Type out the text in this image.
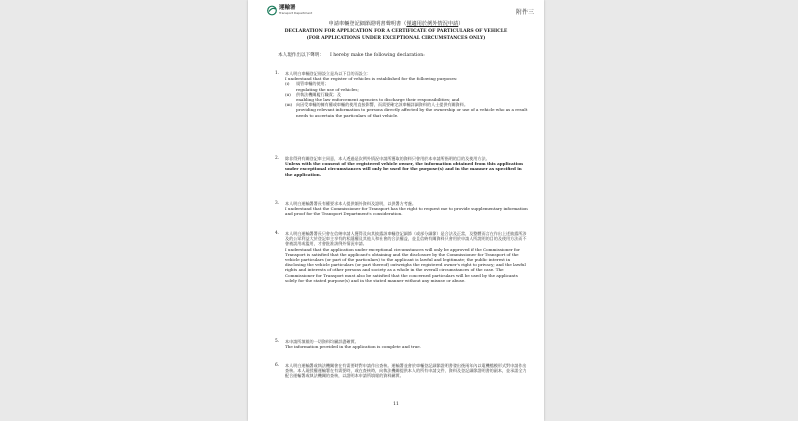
運輸署
Transport Department	附件三
申請車輛登記細節證明書聲明書（僅適用於例外情況申請）
DECLARATION FOR APPLICATION FOR A CERTIFICATE OF PARTICULARS OF VEHICLE
(FOR APPLICATIONS UNDER EXCEPTIONAL CIRCUMSTANCES ONLY)
本人現作出以下聲明： I hereby make the following declaration:
1. 本人明白車輛登記冊設立是為以下目的而設立：
I understand that the register of vehicles is established for the following purposes:
(i) 規管車輛的使用；
regulating the use of vehicles;
(ii) 供執法機關履行職責；及
enabling the law enforcement agencies to discharge their responsibilities; and
(iii) 向因受車輛的擁有權或車輛的使用直接影響，而需要確定該車輛詳細資料的人士提供有關資料。
providing relevant information to persons directly affected by the ownership or use of a vehicle who as a result needs to ascertain the particulars of that vehicle.
2. 除非得到有關登記車主同意，本人透過是次例外情況申請所獲取的資料只會用於本申請所指明的目的及使用方法。
Unless with the consent of the registered vehicle owner, the information obtained from this application under exceptional circumstances will only be used for the purpose(s) and in the manner as specified in the application.
3. 本人明白運輸署署長有權要求本人提供額外資料及證明，以供署方考慮。
I understand that the Commissioner for Transport has the right to request me to provide supplementary information and proof for the Transport Department's consideration.
4. 本人明白運輸署署長只會在信納申請人獲得及向其披露該車輛登記細節（或部分細節）是合法及正當，及整體而言在作出上述披露所涉及的公眾利益大於登記車主享有的私隱權及其他人和社會的合法權益，並且信納有關資料只會用於申請人所說明的目的及使用方法而不會被誤用或濫用，才會批准該例外情況申請。
I understand that the application under exceptional circumstances will only be approved if the Commissioner for Transport is satisfied that the applicant's obtaining and the disclosure by the Commissioner for Transport of the vehicle particulars (or part of the particulars) to the applicant is lawful and legitimate; the public interest in disclosing the vehicle particulars (or part thereof) outweighs the registered owner's right to privacy; and the lawful rights and interests of other persons and society as a whole in the overall circumstances of the case. The Commissioner for Transport must also be satisfied that the concerned particulars will be used by the applicants solely for the stated purpose(s) and in the stated manner without any misuse or abuse.
5. 本申請所填報的一切資料均屬詳盡確實。
The information provided in the application is complete and true.
6. 本人明白運輸署或執法機關會在有需要時對申請作出查核。運輸署並會於車輛登記細節證明書發出後兩年內以電機檔模形式對申請作出查核。本人現授權運輸署在有需要時，或在查核時，向執法機關提供本人的所有申請文件、資料及登記細節證明書的副本，並承諾全力配合運輸署或執法機關的查核，以證明本申請所填報的資料屬實。
11
